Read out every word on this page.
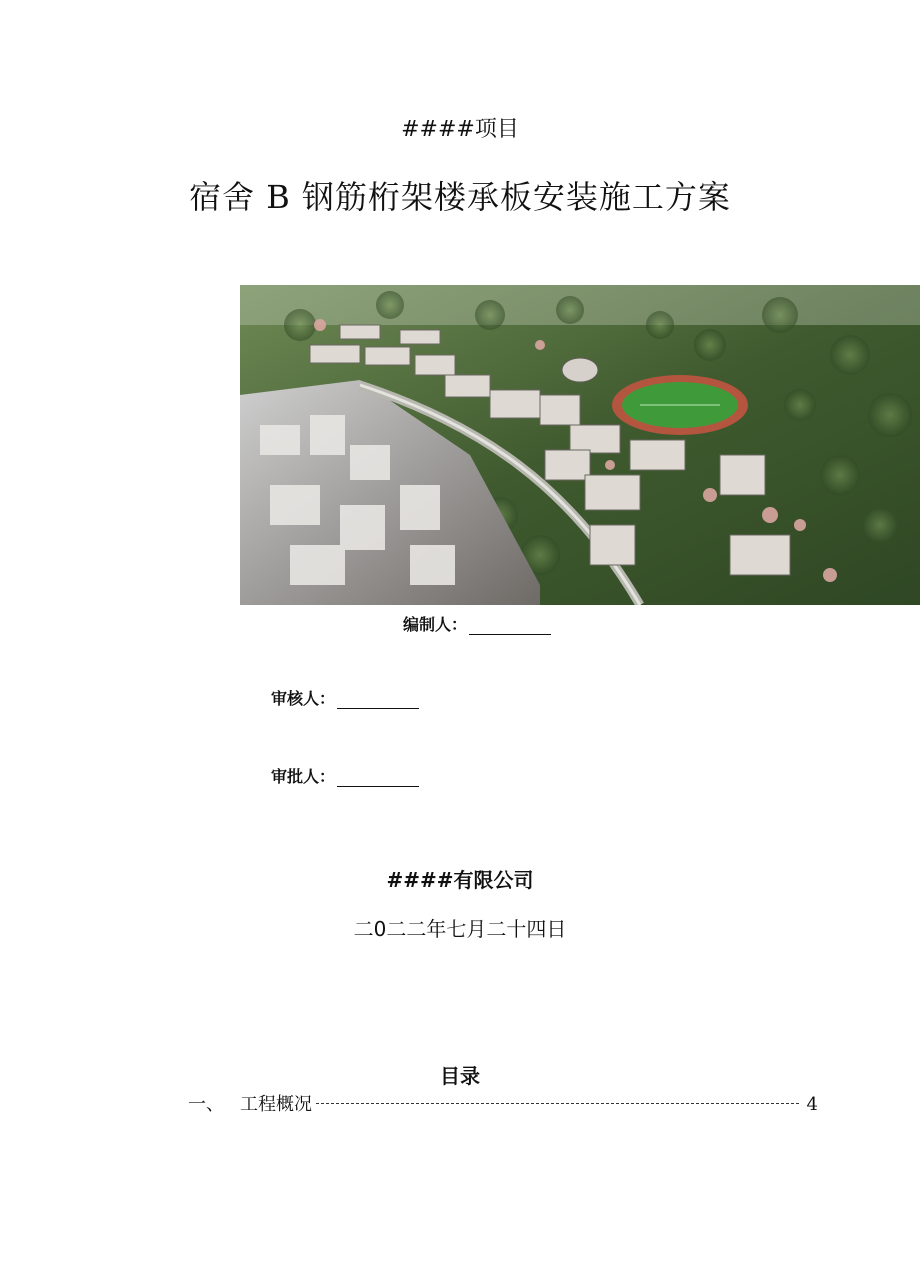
####项目
宿舍 B 钢筋桁架楼承板安装施工方案
编制人：
审核人：
审批人：
####有限公司
二0二二年七月二十四日
目录
一、 工程概况	4
